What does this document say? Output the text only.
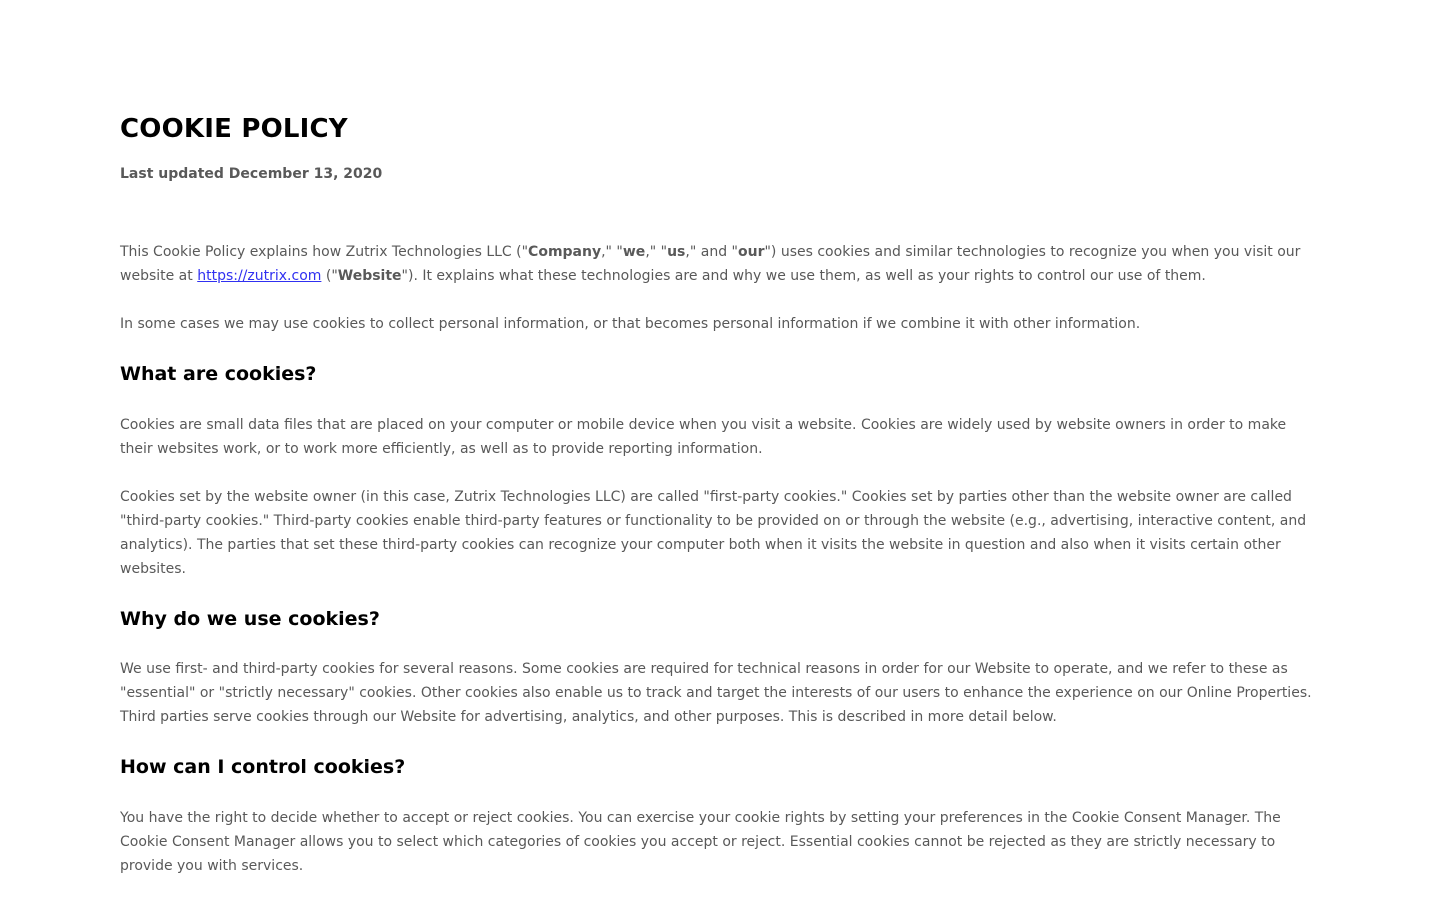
COOKIE POLICY
Last updated December 13, 2020

This Cookie Policy explains how Zutrix Technologies LLC ("Company," "we," "us," and "our") uses cookies and similar technologies to recognize you when you visit our website at https://zutrix.com ("Website"). It explains what these technologies are and why we use them, as well as your rights to control our use of them.

In some cases we may use cookies to collect personal information, or that becomes personal information if we combine it with other information.

What are cookies?

Cookies are small data files that are placed on your computer or mobile device when you visit a website. Cookies are widely used by website owners in order to make their websites work, or to work more efficiently, as well as to provide reporting information.

Cookies set by the website owner (in this case, Zutrix Technologies LLC) are called "first-party cookies." Cookies set by parties other than the website owner are called "third-party cookies." Third-party cookies enable third-party features or functionality to be provided on or through the website (e.g., advertising, interactive content, and analytics). The parties that set these third-party cookies can recognize your computer both when it visits the website in question and also when it visits certain other websites.

Why do we use cookies?

We use first- and third-party cookies for several reasons. Some cookies are required for technical reasons in order for our Website to operate, and we refer to these as "essential" or "strictly necessary" cookies. Other cookies also enable us to track and target the interests of our users to enhance the experience on our Online Properties. Third parties serve cookies through our Website for advertising, analytics, and other purposes. This is described in more detail below.

How can I control cookies?

You have the right to decide whether to accept or reject cookies. You can exercise your cookie rights by setting your preferences in the Cookie Consent Manager. The Cookie Consent Manager allows you to select which categories of cookies you accept or reject. Essential cookies cannot be rejected as they are strictly necessary to provide you with services.
